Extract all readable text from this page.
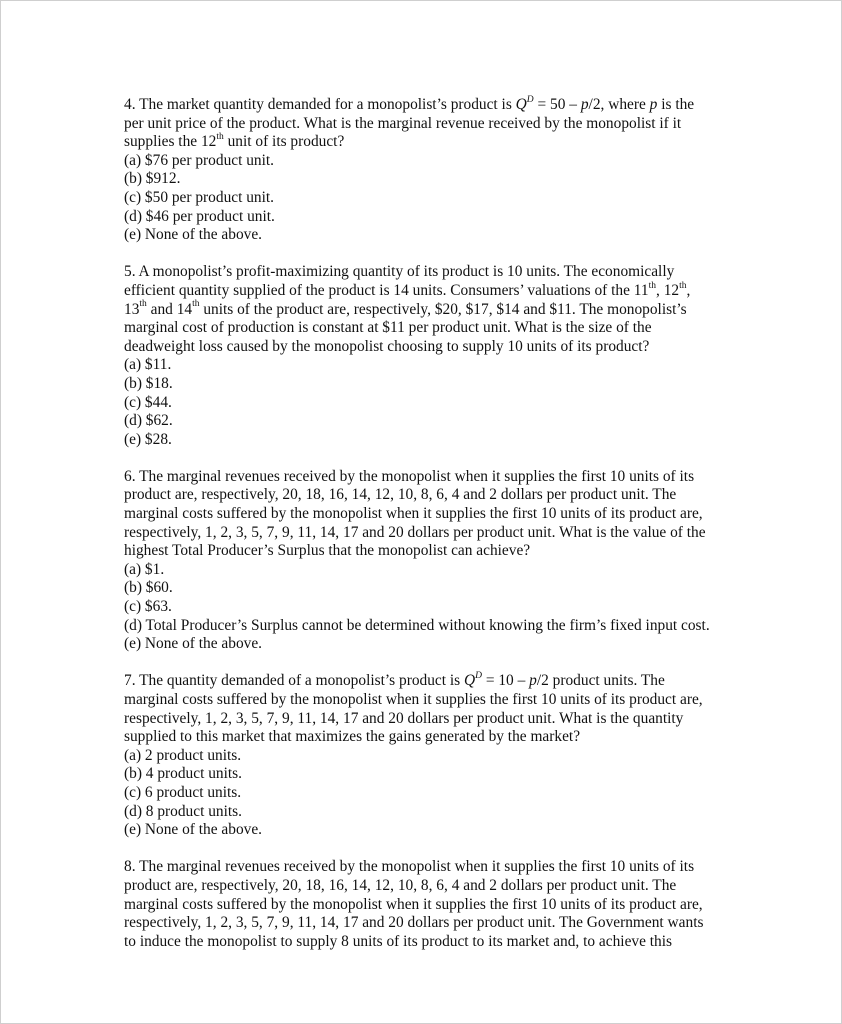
4. The market quantity demanded for a monopolist’s product is $Q^D = 50 - p/2$, where p is the
per unit price of the product. What is the marginal revenue received by the monopolist if it
supplies the 12th unit of its product?
(a) $76 per product unit.
(b) $912.
(c) $50 per product unit.
(d) $46 per product unit.
(e) None of the above.
5. A monopolist’s profit-maximizing quantity of its product is 10 units. The economically
efficient quantity supplied of the product is 14 units. Consumers’ valuations of the 11th, 12th,
13th and 14th units of the product are, respectively, $20, $17, $14 and $11. The monopolist’s
marginal cost of production is constant at $11 per product unit. What is the size of the
deadweight loss caused by the monopolist choosing to supply 10 units of its product?
(a) $11.
(b) $18.
(c) $44.
(d) $62.
(e) $28.
6. The marginal revenues received by the monopolist when it supplies the first 10 units of its
product are, respectively, 20, 18, 16, 14, 12, 10, 8, 6, 4 and 2 dollars per product unit. The
marginal costs suffered by the monopolist when it supplies the first 10 units of its product are,
respectively, 1, 2, 3, 5, 7, 9, 11, 14, 17 and 20 dollars per product unit. What is the value of the
highest Total Producer’s Surplus that the monopolist can achieve?
(a) $1.
(b) $60.
(c) $63.
(d) Total Producer’s Surplus cannot be determined without knowing the firm’s fixed input cost.
(e) None of the above.
7. The quantity demanded of a monopolist’s product is $Q^D = 10 - p/2$ product units. The
marginal costs suffered by the monopolist when it supplies the first 10 units of its product are,
respectively, 1, 2, 3, 5, 7, 9, 11, 14, 17 and 20 dollars per product unit. What is the quantity
supplied to this market that maximizes the gains generated by the market?
(a) 2 product units.
(b) 4 product units.
(c) 6 product units.
(d) 8 product units.
(e) None of the above.
8. The marginal revenues received by the monopolist when it supplies the first 10 units of its
product are, respectively, 20, 18, 16, 14, 12, 10, 8, 6, 4 and 2 dollars per product unit. The
marginal costs suffered by the monopolist when it supplies the first 10 units of its product are,
respectively, 1, 2, 3, 5, 7, 9, 11, 14, 17 and 20 dollars per product unit. The Government wants
to induce the monopolist to supply 8 units of its product to its market and, to achieve this
